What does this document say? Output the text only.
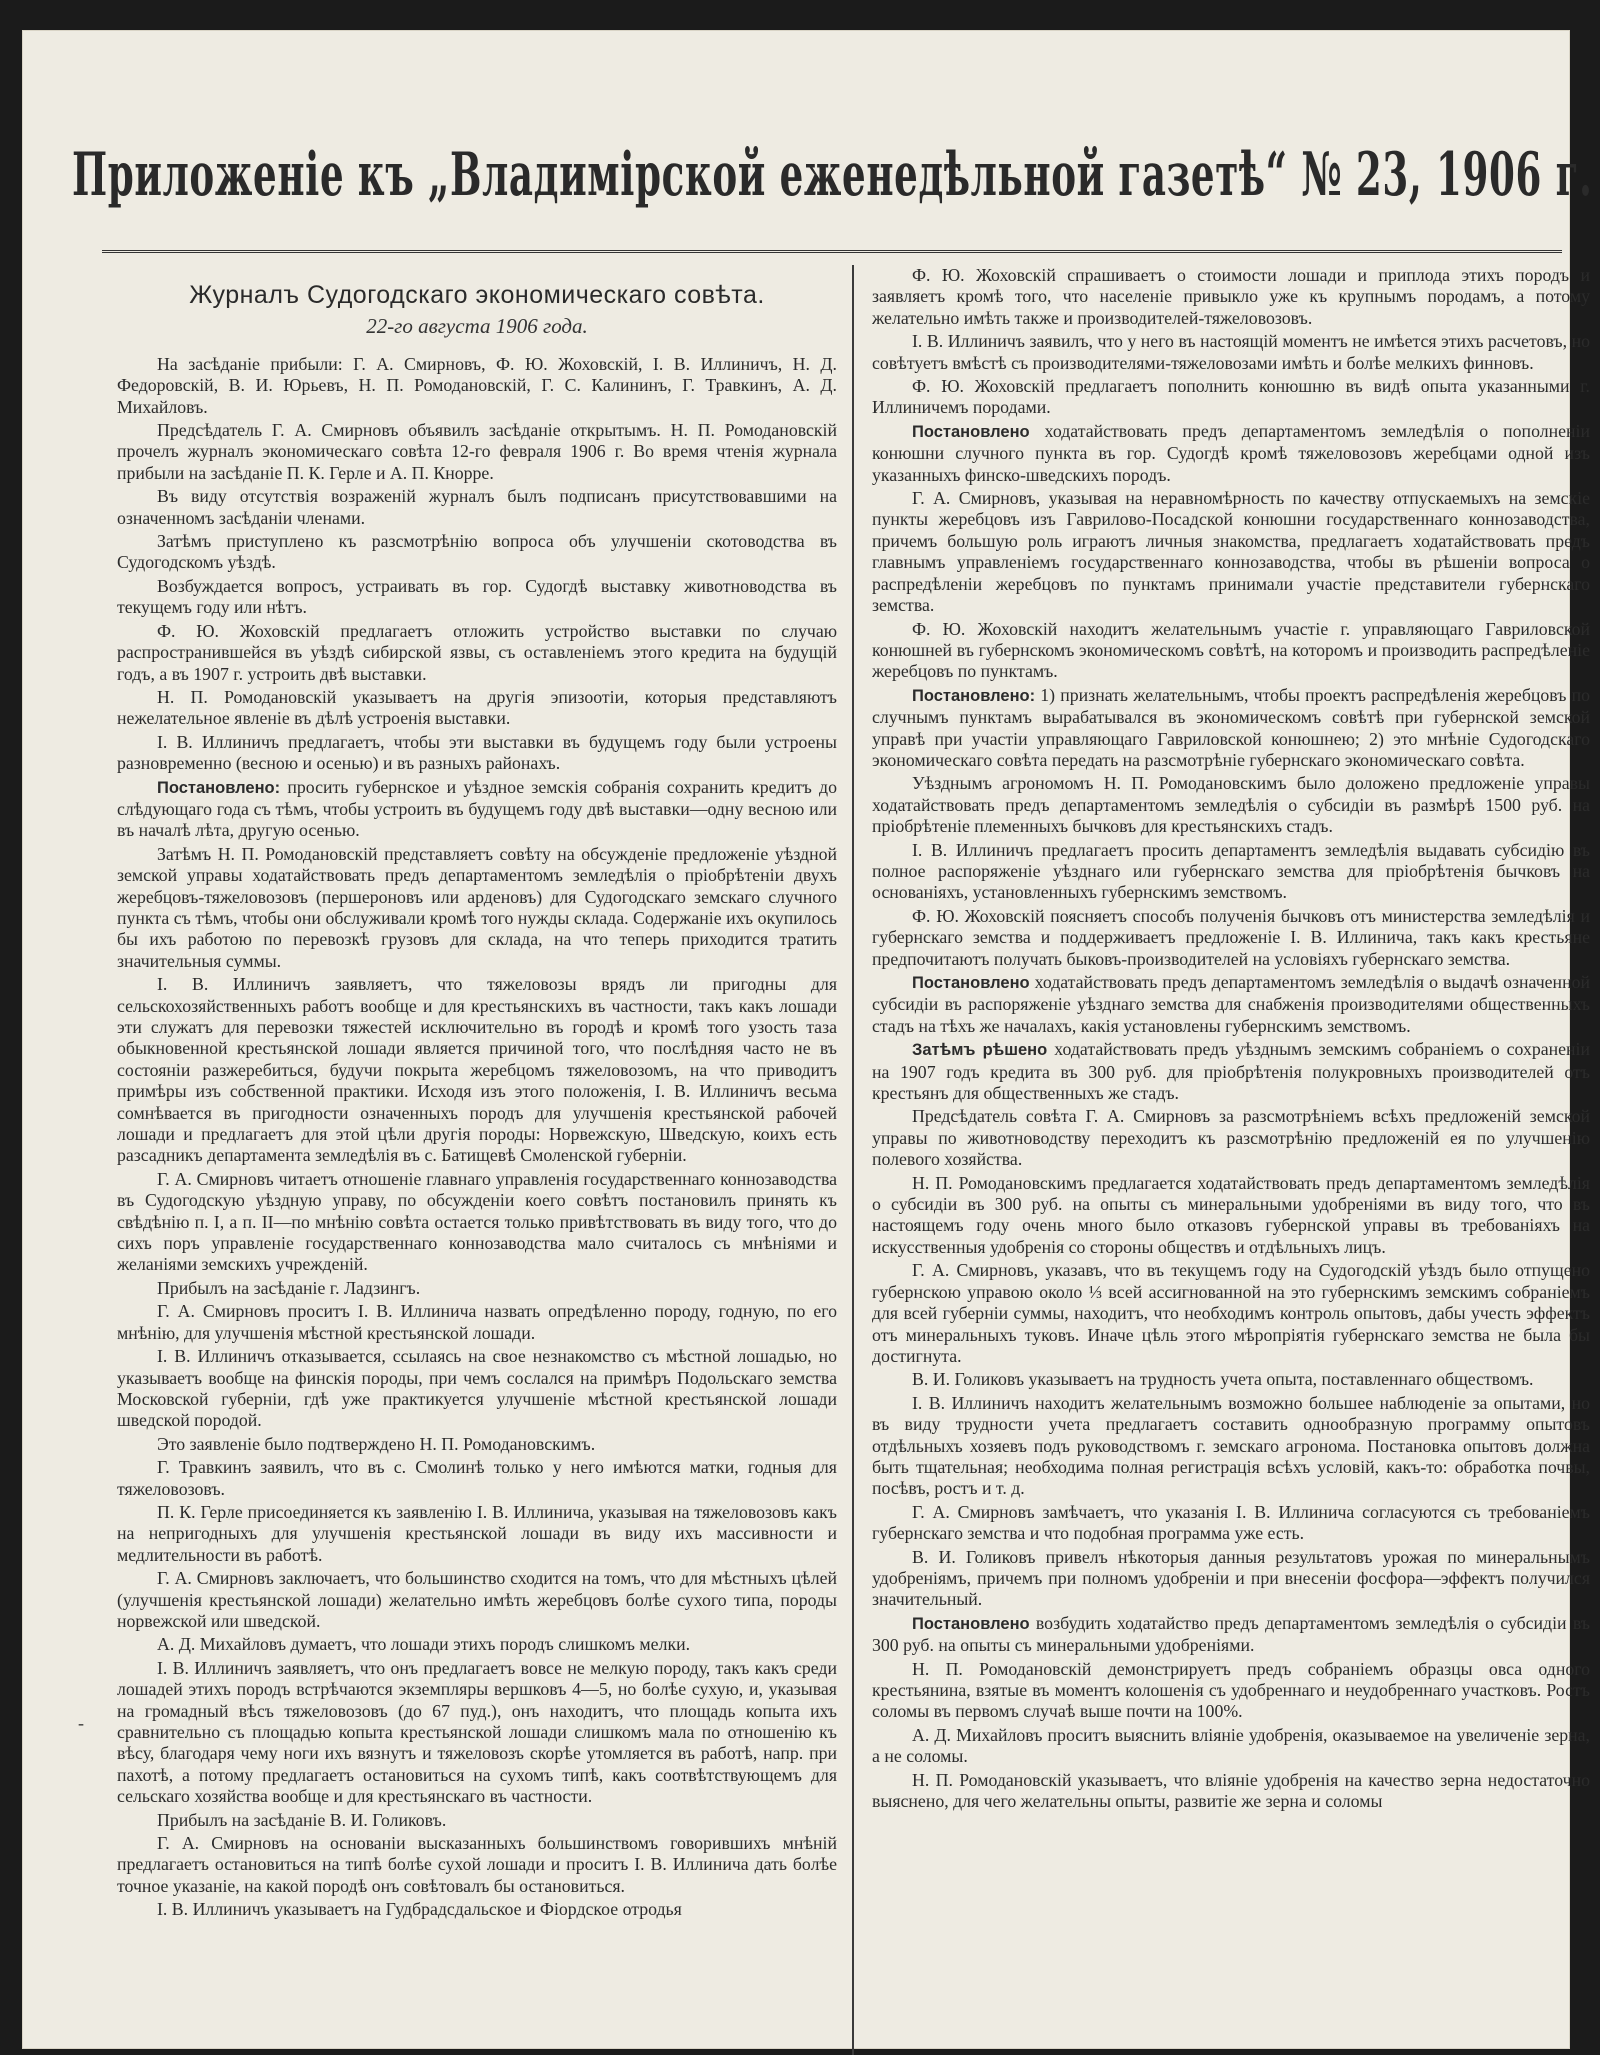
Приложеніе къ „Владимірской еженедѣльной газетѣ“ № 23, 1906 г.
Журналъ Судогодскаго экономическаго совѣта.
22-го августа 1906 года.

На засѣданіе прибыли: Г. А. Смирновъ, Ф. Ю. Жоховскій, І. В. Иллиничъ, Н. Д. Федоровскій, В. И. Юрьевъ, Н. П. Ромодановскій, Г. С. Калининъ, Г. Травкинъ, А. Д. Михайловъ.

Предсѣдатель Г. А. Смирновъ объявилъ засѣданіе открытымъ. Н. П. Ромодановскій прочелъ журналъ экономическаго совѣта 12-го февраля 1906 г. Во время чтенія журнала прибыли на засѣданіе П. К. Герле и А. П. Кнорре.

Въ виду отсутствія возраженій журналъ былъ подписанъ присутствовавшими на означенномъ засѣданіи членами.

Затѣмъ приступлено къ разсмотрѣнію вопроса объ улучшеніи скотоводства въ Судогодскомъ уѣздѣ.

Возбуждается вопросъ, устраивать въ гор. Судогдѣ выставку животноводства въ текущемъ году или нѣтъ.

Ф. Ю. Жоховскій предлагаетъ отложить устройство выставки по случаю распространившейся въ уѣздѣ сибирской язвы, съ оставленіемъ этого кредита на будущій годъ, а въ 1907 г. устроить двѣ выставки.

Н. П. Ромодановскій указываетъ на другія эпизоотіи, которыя представляютъ нежелательное явленіе въ дѣлѣ устроенія выставки.

І. В. Иллиничъ предлагаетъ, чтобы эти выставки въ будущемъ году были устроены разновременно (весною и осенью) и въ разныхъ районахъ.

Постановлено: просить губернское и уѣздное земскія собранія сохранить кредитъ до слѣдующаго года съ тѣмъ, чтобы устроить въ будущемъ году двѣ выставки—одну весною или въ началѣ лѣта, другую осенью.

Затѣмъ Н. П. Ромодановскій представляетъ совѣту на обсужденіе предложеніе уѣздной земской управы ходатайствовать предъ департаментомъ земледѣлія о пріобрѣтеніи двухъ жеребцовъ-тяжеловозовъ (першероновъ или арденовъ) для Судогодскаго земскаго случного пункта съ тѣмъ, чтобы они обслуживали кромѣ того нужды склада. Содержаніе ихъ окупилось бы ихъ работою по перевозкѣ грузовъ для склада, на что теперь приходится тратить значительныя суммы.

І. В. Иллиничъ заявляетъ, что тяжеловозы врядъ ли пригодны для сельскохозяйственныхъ работъ вообще и для крестьянскихъ въ частности, такъ какъ лошади эти служатъ для перевозки тяжестей исключительно въ городѣ и кромѣ того узость таза обыкновенной крестьянской лошади является причиной того, что послѣдняя часто не въ состояніи разжеребиться, будучи покрыта жеребцомъ тяжеловозомъ, на что приводитъ примѣры изъ собственной практики. Исходя изъ этого положенія, І. В. Иллиничъ весьма сомнѣвается въ пригодности означенныхъ породъ для улучшенія крестьянской рабочей лошади и предлагаетъ для этой цѣли другія породы: Норвежскую, Шведскую, коихъ есть разсадникъ департамента земледѣлія въ с. Батищевѣ Смоленской губерніи.

Г. А. Смирновъ читаетъ отношеніе главнаго управленія государственнаго коннозаводства въ Судогодскую уѣздную управу, по обсужденіи коего совѣтъ постановилъ принять къ свѣдѣнію п. І, а п. ІІ—по мнѣнію совѣта остается только привѣтствовать въ виду того, что до сихъ поръ управленіе государственнаго коннозаводства мало считалось съ мнѣніями и желаніями земскихъ учрежденій.

Прибылъ на засѣданіе г. Ладзингъ.

Г. А. Смирновъ проситъ І. В. Иллинича назвать опредѣленно породу, годную, по его мнѣнію, для улучшенія мѣстной крестьянской лошади.

І. В. Иллиничъ отказывается, ссылаясь на свое незнакомство съ мѣстной лошадью, но указываетъ вообще на финскія породы, при чемъ сослался на примѣръ Подольскаго земства Московской губерніи, гдѣ уже практикуется улучшеніе мѣстной крестьянской лошади шведской породой.

Это заявленіе было подтверждено Н. П. Ромодановскимъ.

Г. Травкинъ заявилъ, что въ с. Смолинѣ только у него имѣются матки, годныя для тяжеловозовъ.

П. К. Герле присоединяется къ заявленію І. В. Иллинича, указывая на тяжеловозовъ какъ на непригодныхъ для улучшенія крестьянской лошади въ виду ихъ массивности и медлительности въ работѣ.

Г. А. Смирновъ заключаетъ, что большинство сходится на томъ, что для мѣстныхъ цѣлей (улучшенія крестьянской лошади) желательно имѣть жеребцовъ болѣе сухого типа, породы норвежской или шведской.

А. Д. Михайловъ думаетъ, что лошади этихъ породъ слишкомъ мелки.

І. В. Иллиничъ заявляетъ, что онъ предлагаетъ вовсе не мелкую породу, такъ какъ среди лошадей этихъ породъ встрѣчаются экземпляры вершковъ 4—5, но болѣе сухую, и, указывая на громадный вѣсъ тяжеловозовъ (до 67 пуд.), онъ находитъ, что площадь копыта ихъ сравнительно съ площадью копыта крестьянской лошади слишкомъ мала по отношенію къ вѣсу, благодаря чему ноги ихъ вязнутъ и тяжеловозъ скорѣе утомляется въ работѣ, напр. при пахотѣ, а потому предлагаетъ остановиться на сухомъ типѣ, какъ соотвѣтствующемъ для сельскаго хозяйства вообще и для крестьянскаго въ частности.

Прибылъ на засѣданіе В. И. Голиковъ.

Г. А. Смирновъ на основаніи высказанныхъ большинствомъ говорившихъ мнѣній предлагаетъ остановиться на типѣ болѣе сухой лошади и проситъ І. В. Иллинича дать болѣе точное указаніе, на какой породѣ онъ совѣтовалъ бы остановиться.

І. В. Иллиничъ указываетъ на Гудбрадсдальское и Фіордское отродья

Ф. Ю. Жоховскій спрашиваетъ о стоимости лошади и приплода этихъ породъ и заявляетъ кромѣ того, что населеніе привыкло уже къ крупнымъ породамъ, а потому желательно имѣть также и производителей-тяжеловозовъ.

І. В. Иллиничъ заявилъ, что у него въ настоящій моментъ не имѣется этихъ расчетовъ, но совѣтуетъ вмѣстѣ съ производителями-тяжеловозами имѣть и болѣе мелкихъ финновъ.

Ф. Ю. Жоховскій предлагаетъ пополнить конюшню въ видѣ опыта указанными г. Иллиничемъ породами.

Постановлено ходатайствовать предъ департаментомъ земледѣлія о пополненіи конюшни случного пункта въ гор. Судогдѣ кромѣ тяжеловозовъ жеребцами одной изъ указанныхъ финско-шведскихъ породъ.

Г. А. Смирновъ, указывая на неравномѣрность по качеству отпускаемыхъ на земскіе пункты жеребцовъ изъ Гаврилово-Посадской конюшни государственнаго коннозаводства, причемъ большую роль играютъ личныя знакомства, предлагаетъ ходатайствовать предъ главнымъ управленіемъ государственнаго коннозаводства, чтобы въ рѣшеніи вопроса о распредѣленіи жеребцовъ по пунктамъ принимали участіе представители губернскаго земства.

Ф. Ю. Жоховскій находитъ желательнымъ участіе г. управляющаго Гавриловской конюшней въ губернскомъ экономическомъ совѣтѣ, на которомъ и производить распредѣленіе жеребцовъ по пунктамъ.

Постановлено: 1) признать желательнымъ, чтобы проектъ распредѣленія жеребцовъ по случнымъ пунктамъ вырабатывался въ экономическомъ совѣтѣ при губернской земской управѣ при участіи управляющаго Гавриловской конюшнею; 2) это мнѣніе Судогодскаго экономическаго совѣта передать на разсмотрѣніе губернскаго экономическаго совѣта.

Уѣзднымъ агрономомъ Н. П. Ромодановскимъ было доложено предложеніе управы ходатайствовать предъ департаментомъ земледѣлія о субсидіи въ размѣрѣ 1500 руб. на пріобрѣтеніе племенныхъ бычковъ для крестьянскихъ стадъ.

І. В. Иллиничъ предлагаетъ просить департаментъ земледѣлія выдавать субсидію въ полное распоряженіе уѣзднаго или губернскаго земства для пріобрѣтенія бычковъ на основаніяхъ, установленныхъ губернскимъ земствомъ.

Ф. Ю. Жоховскій поясняетъ способъ полученія бычковъ отъ министерства земледѣлія и губернскаго земства и поддерживаетъ предложеніе І. В. Иллинича, такъ какъ крестьяне предпочитаютъ получать быковъ-производителей на условіяхъ губернскаго земства.

Постановлено ходатайствовать предъ департаментомъ земледѣлія о выдачѣ означенной субсидіи въ распоряженіе уѣзднаго земства для снабженія производителями общественныхъ стадъ на тѣхъ же началахъ, какія установлены губернскимъ земствомъ.

Затѣмъ рѣшено ходатайствовать предъ уѣзднымъ земскимъ собраніемъ о сохраненіи на 1907 годъ кредита въ 300 руб. для пріобрѣтенія полукровныхъ производителей отъ крестьянъ для общественныхъ же стадъ.

Предсѣдатель совѣта Г. А. Смирновъ за разсмотрѣніемъ всѣхъ предложеній земской управы по животноводству переходитъ къ разсмотрѣнію предложеній ея по улучшенію полевого хозяйства.

Н. П. Ромодановскимъ предлагается ходатайствовать предъ департаментомъ земледѣлія о субсидіи въ 300 руб. на опыты съ минеральными удобреніями въ виду того, что въ настоящемъ году очень много было отказовъ губернской управы въ требованіяхъ на искусственныя удобренія со стороны обществъ и отдѣльныхъ лицъ.

Г. А. Смирновъ, указавъ, что въ текущемъ году на Судогодскій уѣздъ было отпущено губернскою управою около ⅓ всей ассигнованной на это губернскимъ земскимъ собраніемъ для всей губерніи суммы, находитъ, что необходимъ контроль опытовъ, дабы учесть эффектъ отъ минеральныхъ туковъ. Иначе цѣль этого мѣропріятія губернскаго земства не была бы достигнута.

В. И. Голиковъ указываетъ на трудность учета опыта, поставленнаго обществомъ.

І. В. Иллиничъ находитъ желательнымъ возможно большее наблюденіе за опытами, но въ виду трудности учета предлагаетъ составить однообразную программу опытовъ отдѣльныхъ хозяевъ подъ руководствомъ г. земскаго агронома. Постановка опытовъ должна быть тщательная; необходима полная регистрація всѣхъ условій, какъ-то: обработка почвы, посѣвъ, ростъ и т. д.

Г. А. Смирновъ замѣчаетъ, что указанія І. В. Иллинича согласуются съ требованіемъ губернскаго земства и что подобная программа уже есть.

В. И. Голиковъ привелъ нѣкоторыя данныя результатовъ урожая по минеральнымъ удобреніямъ, причемъ при полномъ удобреніи и при внесеніи фосфора—эффектъ получился значительный.

Постановлено возбудить ходатайство предъ департаментомъ земледѣлія о субсидіи въ 300 руб. на опыты съ минеральными удобреніями.

Н. П. Ромодановскій демонстрируетъ предъ собраніемъ образцы овса одного крестьянина, взятые въ моментъ колошенія съ удобреннаго и неудобреннаго участковъ. Ростъ соломы въ первомъ случаѣ выше почти на 100%.

А. Д. Михайловъ проситъ выяснить вліяніе удобренія, оказываемое на увеличеніе зерна, а не соломы.

Н. П. Ромодановскій указываетъ, что вліяніе удобренія на качество зерна недостаточно выяснено, для чего желательны опыты, развитіе же зерна и соломы

-
